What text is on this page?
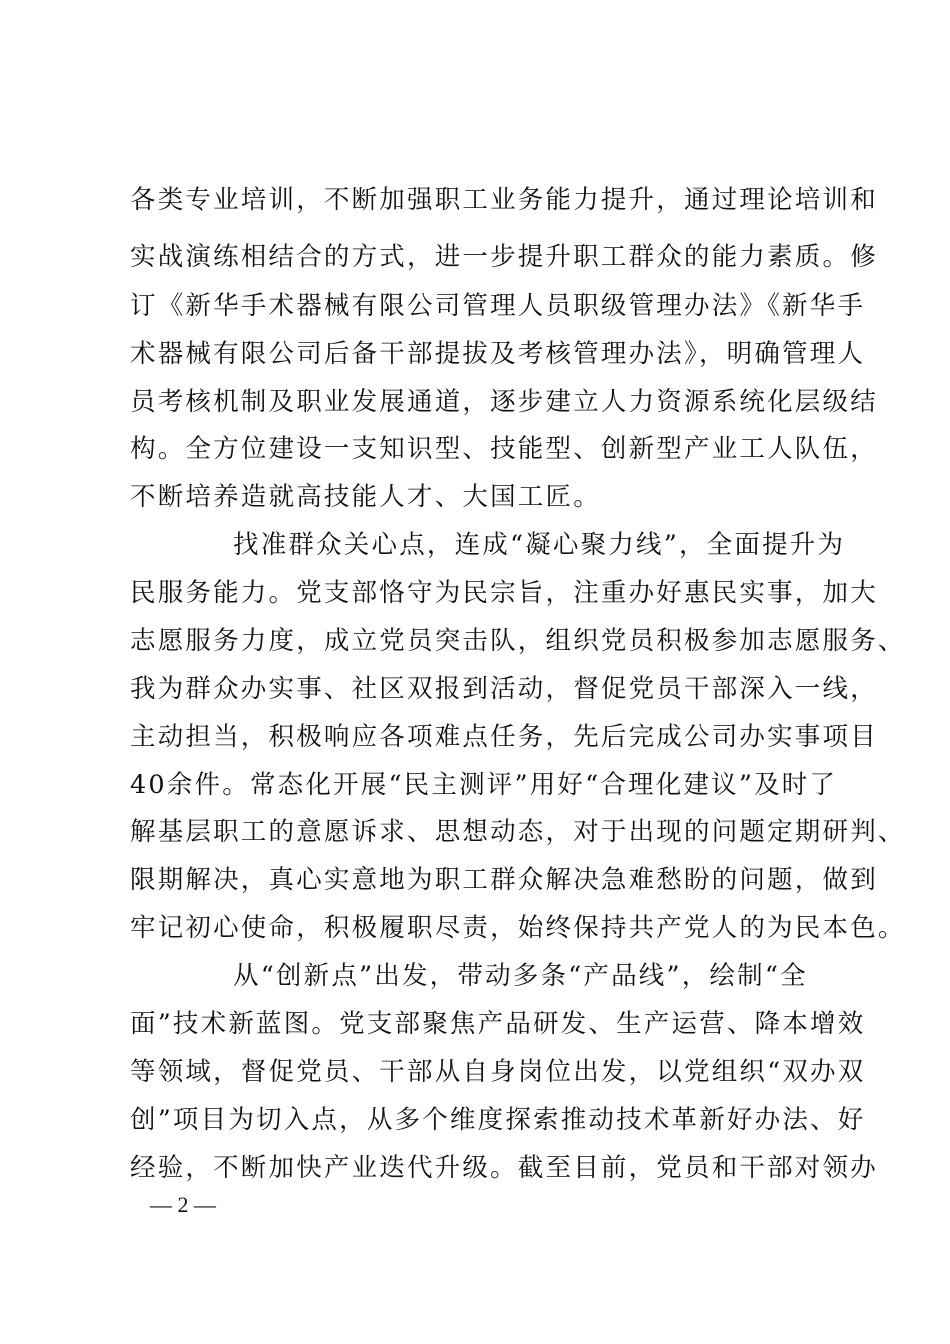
各类专业培训，不断加强职工业务能力提升，通过理论培训和
实战演练相结合的方式，进一步提升职工群众的能力素质。修
订《新华手术器械有限公司管理人员职级管理办法》《新华手
术器械有限公司后备干部提拔及考核管理办法》，明确管理人
员考核机制及职业发展通道，逐步建立人力资源系统化层级结
构。全方位建设一支知识型、技能型、创新型产业工人队伍，
不断培养造就高技能人才、大国工匠。
找准群众关心点，连成“凝心聚力线”，全面提升为
民服务能力。党支部恪守为民宗旨，注重办好惠民实事，加大
志愿服务力度，成立党员突击队，组织党员积极参加志愿服务、
我为群众办实事、社区双报到活动，督促党员干部深入一线，
主动担当，积极响应各项难点任务，先后完成公司办实事项目
40余件。常态化开展“民主测评”用好“合理化建议”及时了
解基层职工的意愿诉求、思想动态，对于出现的问题定期研判、
限期解决，真心实意地为职工群众解决急难愁盼的问题，做到
牢记初心使命，积极履职尽责，始终保持共产党人的为民本色。
从“创新点”出发，带动多条“产品线”，绘制“全
面”技术新蓝图。党支部聚焦产品研发、生产运营、降本增效
等领域，督促党员、干部从自身岗位出发，以党组织“双办双
创”项目为切入点，从多个维度探索推动技术革新好办法、好
经验，不断加快产业迭代升级。截至目前，党员和干部对领办
— 2 —
